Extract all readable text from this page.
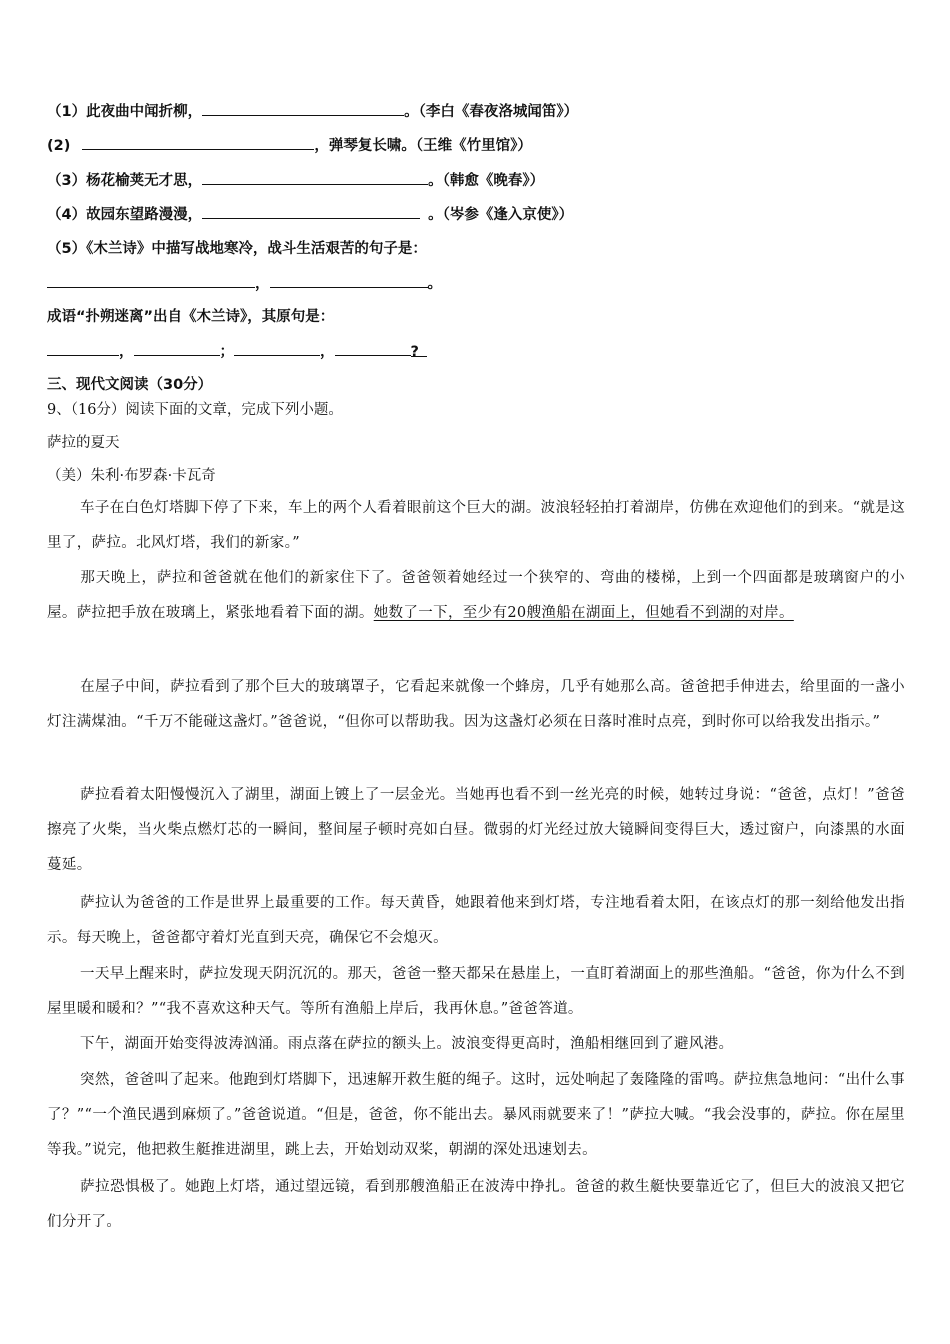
（1）此夜曲中闻折柳，	。（李白《春夜洛城闻笛》）
(2)	，弹琴复长啸。（王维《竹里馆》）
（3）杨花榆荚无才思，	。（韩愈《晚春》）
（4）故园东望路漫漫，	。（岑参《逢入京使》）
（5）《木兰诗》中描写战地寒冷，战斗生活艰苦的句子是：
，	。
成语“扑朔迷离”出自《木兰诗》，其原句是：
，	；	，	?
三、现代文阅读（30分）
9、（16分）阅读下面的文章，完成下列小题。
萨拉的夏天
（美）朱利·布罗森·卡瓦奇
车子在白色灯塔脚下停了下来，车上的两个人看着眼前这个巨大的湖。波浪轻轻拍打着湖岸，仿佛在欢迎他们的到来。“就是这里了，萨拉。北风灯塔，我们的新家。”
那天晚上，萨拉和爸爸就在他们的新家住下了。爸爸领着她经过一个狭窄的、弯曲的楼梯，上到一个四面都是玻璃窗户的小屋。萨拉把手放在玻璃上，紧张地看着下面的湖。她数了一下，至少有20艘渔船在湖面上，但她看不到湖的对岸。
在屋子中间，萨拉看到了那个巨大的玻璃罩子，它看起来就像一个蜂房，几乎有她那么高。爸爸把手伸进去，给里面的一盏小灯注满煤油。“千万不能碰这盏灯。”爸爸说，“但你可以帮助我。因为这盏灯必须在日落时准时点亮，到时你可以给我发出指示。”
萨拉看着太阳慢慢沉入了湖里，湖面上镀上了一层金光。当她再也看不到一丝光亮的时候，她转过身说：“爸爸，点灯！”爸爸擦亮了火柴，当火柴点燃灯芯的一瞬间，整间屋子顿时亮如白昼。微弱的灯光经过放大镜瞬间变得巨大，透过窗户，向漆黑的水面蔓延。
萨拉认为爸爸的工作是世界上最重要的工作。每天黄昏，她跟着他来到灯塔，专注地看着太阳，在该点灯的那一刻给他发出指示。每天晚上，爸爸都守着灯光直到天亮，确保它不会熄灭。
一天早上醒来时，萨拉发现天阴沉沉的。那天，爸爸一整天都呆在悬崖上，一直盯着湖面上的那些渔船。“爸爸，你为什么不到屋里暖和暖和？”“我不喜欢这种天气。等所有渔船上岸后，我再休息。”爸爸答道。
下午，湖面开始变得波涛汹涌。雨点落在萨拉的额头上。波浪变得更高时，渔船相继回到了避风港。
突然，爸爸叫了起来。他跑到灯塔脚下，迅速解开救生艇的绳子。这时，远处响起了轰隆隆的雷鸣。萨拉焦急地问：“出什么事了？”“一个渔民遇到麻烦了。”爸爸说道。“但是，爸爸，你不能出去。暴风雨就要来了！”萨拉大喊。“我会没事的，萨拉。你在屋里等我。”说完，他把救生艇推进湖里，跳上去，开始划动双桨，朝湖的深处迅速划去。
萨拉恐惧极了。她跑上灯塔，通过望远镜，看到那艘渔船正在波涛中挣扎。爸爸的救生艇快要靠近它了，但巨大的波浪又把它们分开了。
